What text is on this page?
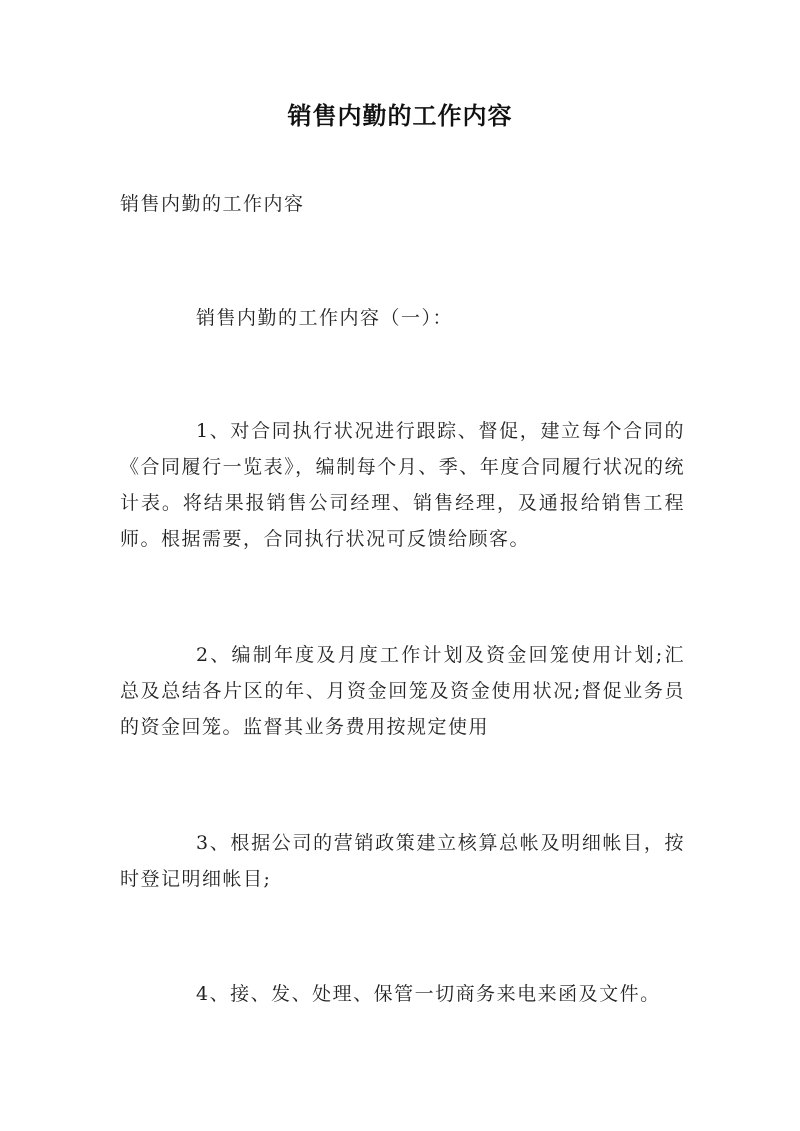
销售内勤的工作内容

销售内勤的工作内容

销售内勤的工作内容（一）：

1、对合同执行状况进行跟踪、督促，建立每个合同的《合同履行一览表》，编制每个月、季、年度合同履行状况的统计表。将结果报销售公司经理、销售经理，及通报给销售工程师。根据需要，合同执行状况可反馈给顾客。

2、编制年度及月度工作计划及资金回笼使用计划;汇总及总结各片区的年、月资金回笼及资金使用状况;督促业务员的资金回笼。监督其业务费用按规定使用

3、根据公司的营销政策建立核算总帐及明细帐目，按时登记明细帐目;

4、接、发、处理、保管一切商务来电来函及文件。
